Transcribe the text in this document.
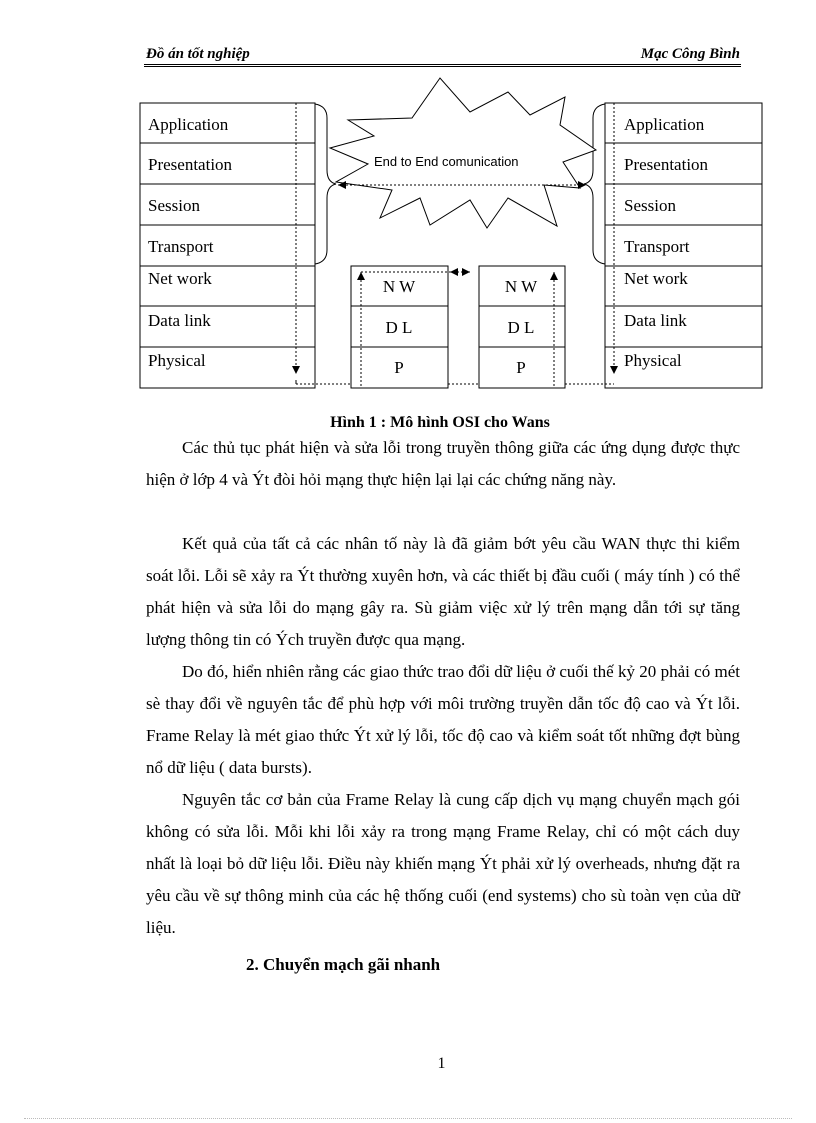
Đồ án tốt nghiệp	Mạc Công Bình
Application
Presentation
Session
Transport
Net work
Data link
Physical
Application
Presentation
Session
Transport
Net work
Data link
Physical
End to End comunication
N W
D L
P
N W
D L
P
Hình 1 : Mô hình OSI cho Wans

Các thủ tục phát hiện và sửa lỗi trong truyền thông giữa các ứng dụng được thực hiện ở lớp 4 và Ýt đòi hỏi mạng thực hiện lại lại các chứng năng này.

Kết quả của tất cả các nhân tố này là đã giảm bớt yêu cầu WAN thực thi kiểm soát lỗi. Lỗi sẽ xảy ra Ýt thường xuyên hơn, và các thiết bị đầu cuối ( máy tính ) có thể phát hiện và sửa lỗi do mạng gây ra. Sù giảm việc xử lý trên mạng dẫn tới sự tăng lượng thông tin có Ých truyền được qua mạng.

Do đó, hiển nhiên rằng các giao thức trao đổi dữ liệu ở cuối thế kỷ 20 phải có mét sè thay đổi về nguyên tắc để phù hợp với môi trường truyền dẫn tốc độ cao và Ýt lỗi. Frame Relay là mét giao thức Ýt xử lý lỗi, tốc độ cao và kiểm soát tốt những đợt bùng nổ dữ liệu ( data bursts).

Nguyên tắc cơ bản của Frame Relay là cung cấp dịch vụ mạng chuyển mạch gói không có sửa lỗi. Mỗi khi lỗi xảy ra trong mạng Frame Relay, chỉ có một cách duy nhất là loại bỏ dữ liệu lỗi. Điều này khiến mạng Ýt phải xử lý overheads, nhưng đặt ra yêu cầu về sự thông minh của các hệ thống cuối (end systems) cho sù toàn vẹn của dữ liệu.

2. Chuyển mạch gãi nhanh
1
